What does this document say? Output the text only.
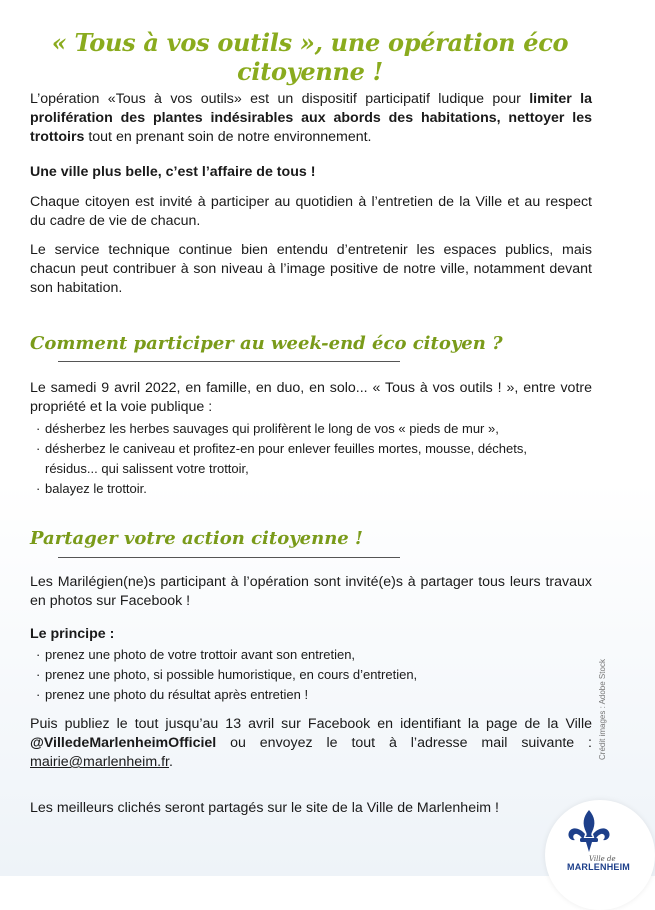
« Tous à vos outils », une opération éco citoyenne !

L’opération «Tous à vos outils» est un dispositif participatif ludique pour limiter la prolifération des plantes indésirables aux abords des habitations, nettoyer les trottoirs tout en prenant soin de notre environnement.

Une ville plus belle, c’est l’affaire de tous !

Chaque citoyen est invité à participer au quotidien à l’entretien de la Ville et au respect du cadre de vie de chacun.

Le service technique continue bien entendu d’entretenir les espaces publics, mais chacun peut contribuer à son niveau à l’image positive de notre ville, notamment devant son habitation.

Comment participer au week-end éco citoyen ?

Le samedi 9 avril 2022, en famille, en duo, en solo... « Tous à vos outils ! », entre votre propriété et la voie publique :

· désherbez les herbes sauvages qui prolifèrent le long de vos « pieds de mur »,
· désherbez le caniveau et profitez-en pour enlever feuilles mortes, mousse, déchets,
résidus... qui salissent votre trottoir,
· balayez le trottoir.
Partager votre action citoyenne !

Les Marilégien(ne)s participant à l’opération sont invité(e)s à partager tous leurs travaux en photos sur Facebook !

Le principe :

· prenez une photo de votre trottoir avant son entretien,
· prenez une photo, si possible humoristique, en cours d’entretien,
· prenez une photo du résultat après entretien !

Puis publiez le tout jusqu’au 13 avril sur Facebook en identifiant la page de la Ville @VilledeMarlenheimOfficiel ou envoyez le tout à l’adresse mail suivante : mairie@marlenheim.fr.

Les meilleurs clichés seront partagés sur le site de la Ville de Marlenheim !

Crédit images : Adobe Stock
Ville de
MARLENHEIM
